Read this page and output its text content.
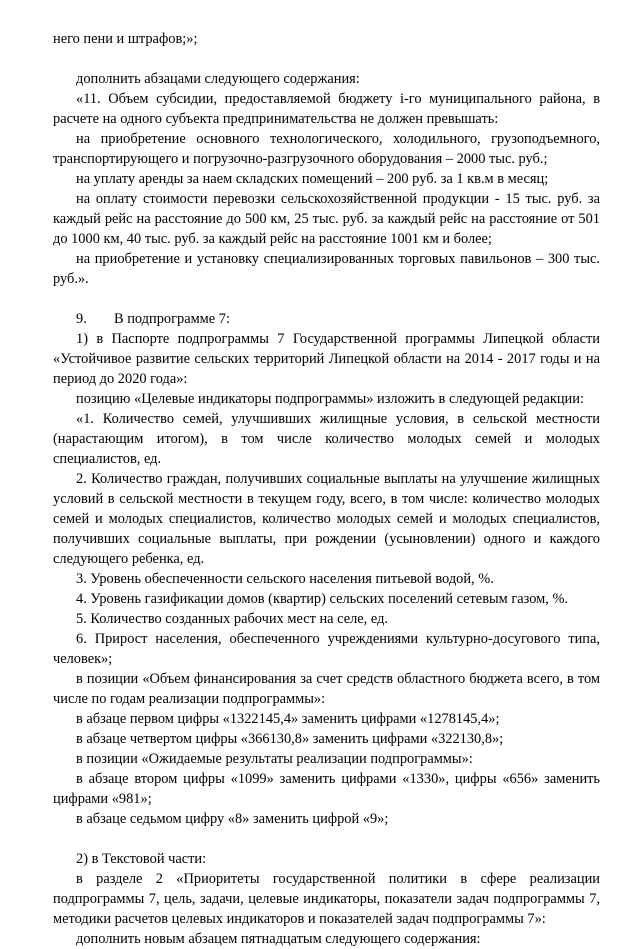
него пени и штрафов;»;

дополнить абзацами следующего содержания:

«11. Объем субсидии, предоставляемой бюджету i-го муниципального района, в расчете на одного субъекта предпринимательства не должен превышать:

на приобретение основного технологического, холодильного, грузоподъемного, транспортирующего и погрузочно-разгрузочного оборудования – 2000 тыс. руб.;

на уплату аренды за наем складских помещений – 200 руб. за 1 кв.м в месяц;

на оплату стоимости перевозки сельскохозяйственной продукции - 15 тыс. руб. за каждый рейс на расстояние до 500 км, 25 тыс. руб. за каждый рейс на расстояние от 501 до 1000 км, 40 тыс. руб. за каждый рейс на расстояние 1001 км и более;

на приобретение и установку специализированных торговых павильонов – 300 тыс. руб.».

9. В подпрограмме 7:

1) в Паспорте подпрограммы 7 Государственной программы Липецкой области «Устойчивое развитие сельских территорий Липецкой области на 2014 - 2017 годы и на период до 2020 года»:

позицию «Целевые индикаторы подпрограммы» изложить в следующей редакции:

«1. Количество семей, улучшивших жилищные условия, в сельской местности (нарастающим итогом), в том числе количество молодых семей и молодых специалистов, ед.

2. Количество граждан, получивших социальные выплаты на улучшение жилищных условий в сельской местности в текущем году, всего, в том числе: количество молодых семей и молодых специалистов, количество молодых семей и молодых специалистов, получивших социальные выплаты, при рождении (усыновлении) одного и каждого следующего ребенка, ед.

3. Уровень обеспеченности сельского населения питьевой водой, %.

4. Уровень газификации домов (квартир) сельских поселений сетевым газом, %.

5. Количество созданных рабочих мест на селе, ед.

6. Прирост населения, обеспеченного учреждениями культурно-досугового типа, человек»;

в позиции «Объем финансирования за счет средств областного бюджета всего, в том числе по годам реализации подпрограммы»:

в абзаце первом цифры «1322145,4» заменить цифрами «1278145,4»;

в абзаце четвертом цифры «366130,8» заменить цифрами «322130,8»;

в позиции «Ожидаемые результаты реализации подпрограммы»:

в абзаце втором цифры «1099» заменить цифрами «1330», цифры «656» заменить цифрами «981»;

в абзаце седьмом цифру «8» заменить цифрой «9»;

2) в Текстовой части:

в разделе 2 «Приоритеты государственной политики в сфере реализации подпрограммы 7, цель, задачи, целевые индикаторы, показатели задач подпрограммы 7, методики расчетов целевых индикаторов и показателей задач подпрограммы 7»:

дополнить новым абзацем пятнадцатым следующего содержания:
